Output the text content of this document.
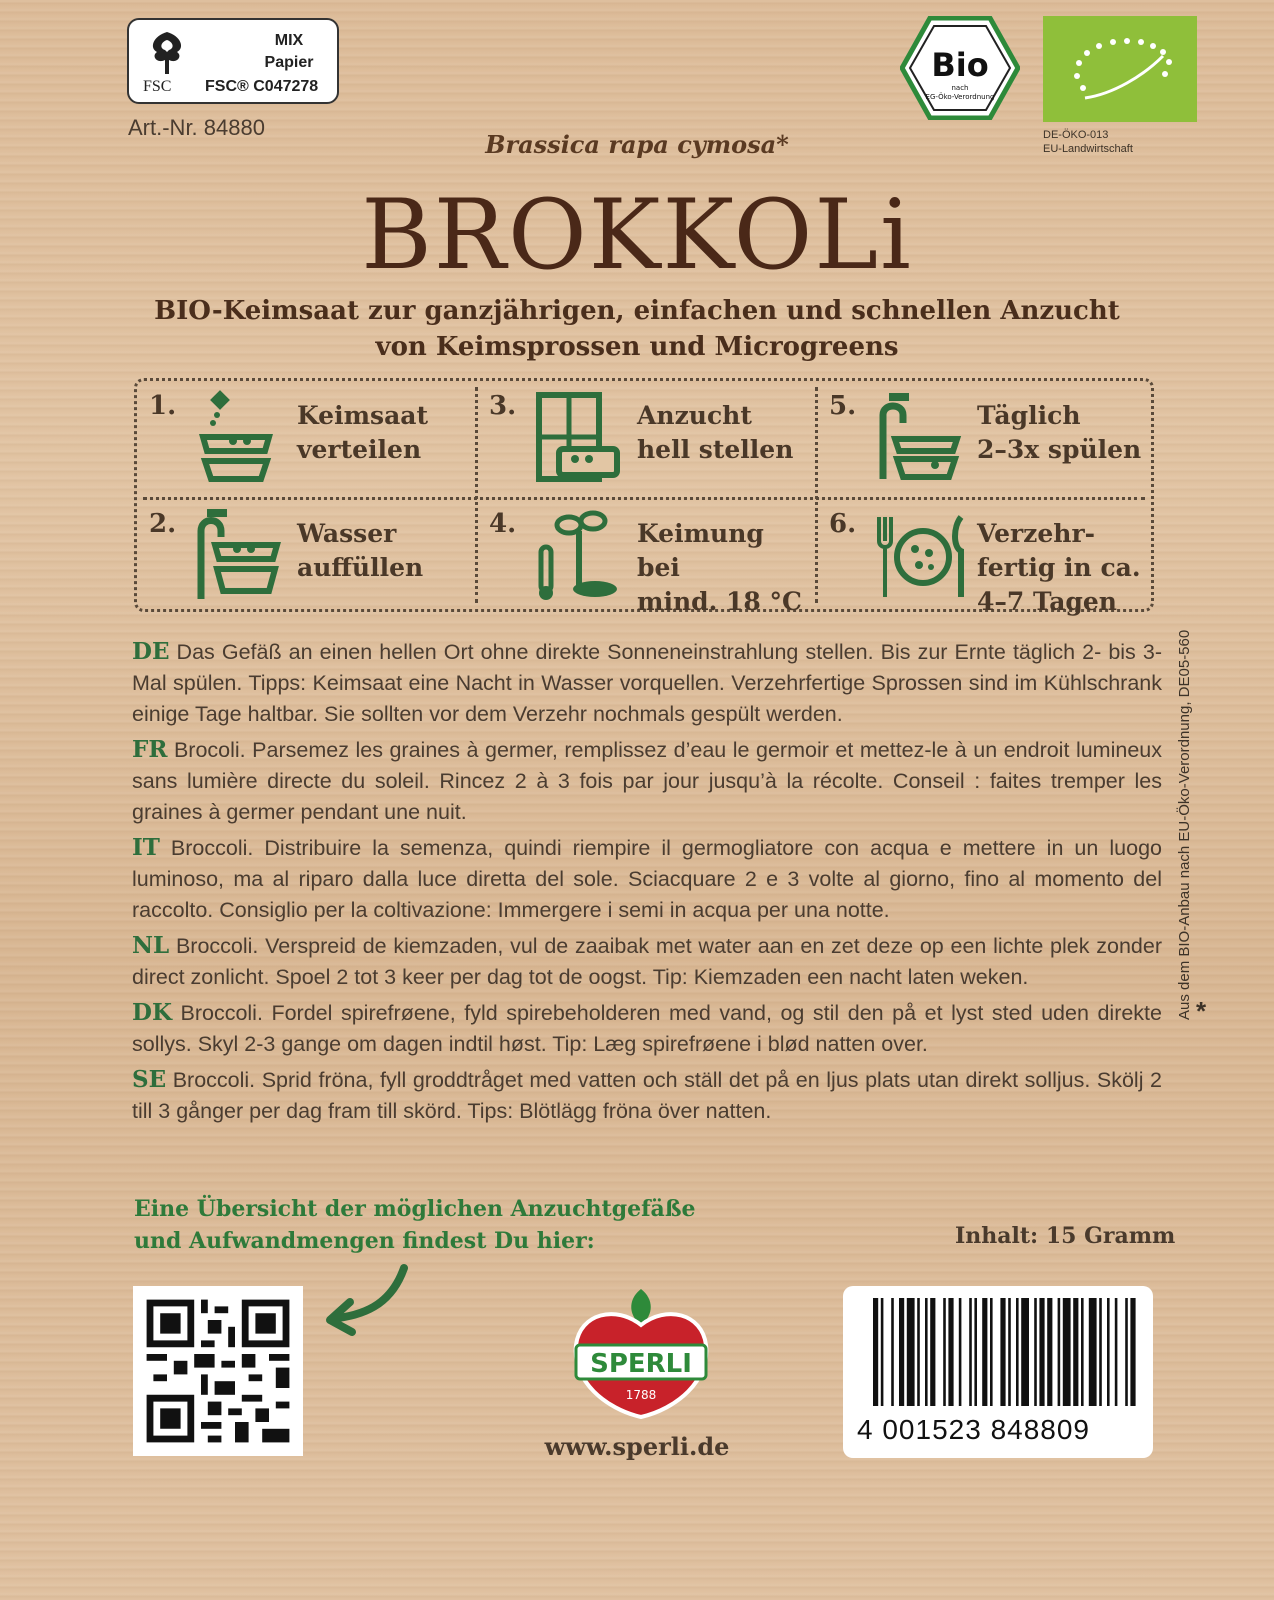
MIX
Papier
FSC FSC® C047278
Art.-Nr. 84880
Bio
nach
EG-Öko-Verordnung
DE-ÖKO-013
EU-Landwirtschaft
Brassica rapa cymosa*
BROKKOLi
BIO-Keimsaat zur ganzjährigen, einfachen und schnellen Anzucht von Keimsprossen und Microgreens
1.	Keimsaat
verteilen
3.	Anzucht
hell stellen
5.	Täglich
2–3x spülen
2.	Wasser
auffüllen
4.	Keimung bei
mind. 18 °C
6.	Verzehr-
fertig in ca.
4–7 Tagen

DE Das Gefäß an einen hellen Ort ohne direkte Sonneneinstrahlung stellen. Bis zur Ernte täglich 2- bis 3-Mal spülen. Tipps: Keimsaat eine Nacht in Wasser vorquellen. Verzehrfertige Sprossen sind im Kühlschrank einige Tage haltbar. Sie sollten vor dem Verzehr nochmals gespült werden.

FR Brocoli. Parsemez les graines à germer, remplissez d’eau le germoir et mettez-le à un endroit lumineux sans lumière directe du soleil. Rincez 2 à 3 fois par jour jusqu’à la récolte. Conseil : faites tremper les graines à germer pendant une nuit.

IT Broccoli. Distribuire la semenza, quindi riempire il germogliatore con acqua e mettere in un luogo luminoso, ma al riparo dalla luce diretta del sole. Sciacquare 2 e 3 volte al giorno, fino al momento del raccolto. Consiglio per la coltivazione: Immergere i semi in acqua per una notte.

NL Broccoli. Verspreid de kiemzaden, vul de zaaibak met water aan en zet deze op een lichte plek zonder direct zonlicht. Spoel 2 tot 3 keer per dag tot de oogst. Tip: Kiemzaden een nacht laten weken.

DK Broccoli. Fordel spirefrøene, fyld spirebeholderen med vand, og stil den på et lyst sted uden direkte sollys. Skyl 2-3 gange om dagen indtil høst. Tip: Læg spirefrøene i blød natten over.

SE Broccoli. Sprid fröna, fyll groddtråget med vatten och ställ det på en ljus plats utan direkt solljus. Skölj 2 till 3 gånger per dag fram till skörd. Tips: Blötlägg fröna över natten.

Aus dem BIO-Anbau nach EU-Öko-Verordnung, DE05-560 *
Eine Übersicht der möglichen Anzuchtgefäße
und Aufwandmengen findest Du hier:	Inhalt: 15 Gramm
SPERLI
1788
www.sperli.de
4 001523 848809
